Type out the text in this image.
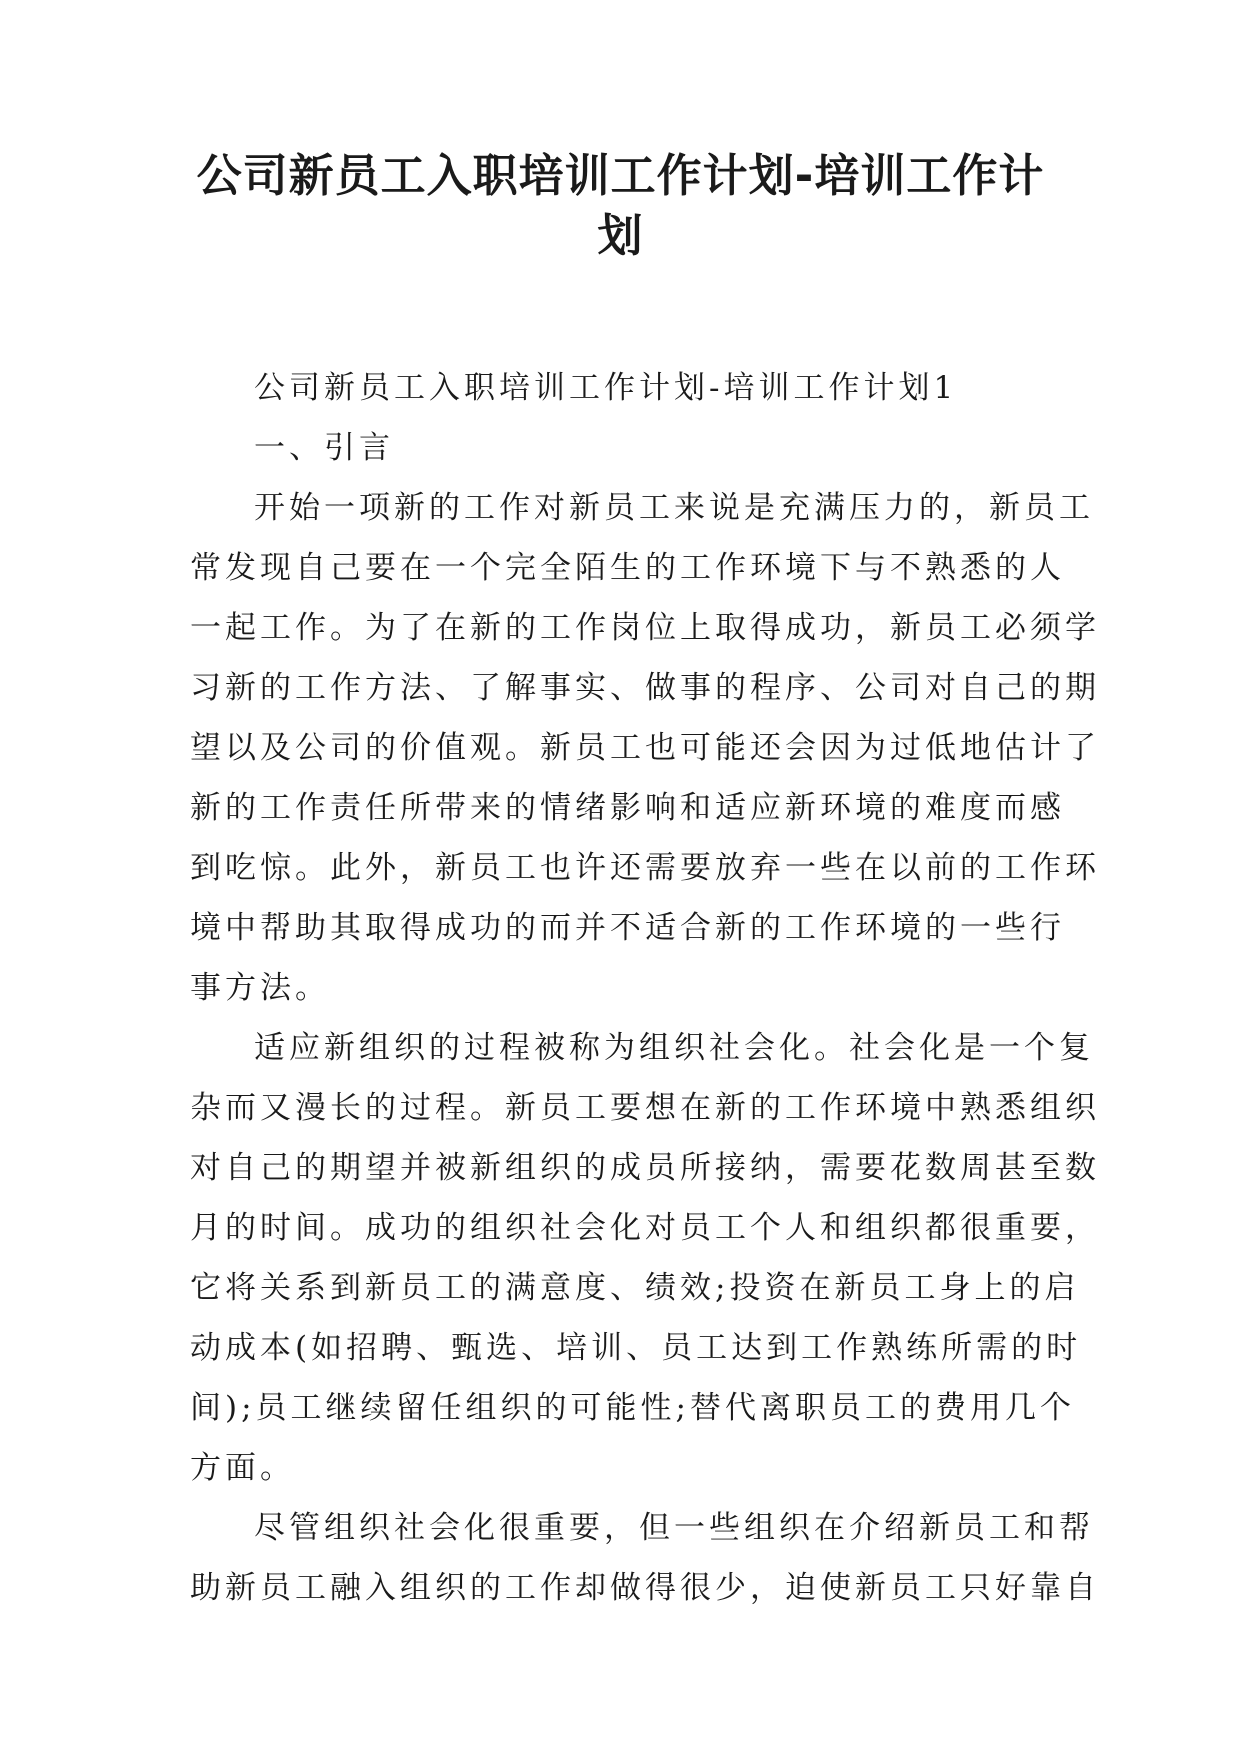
公司新员工入职培训工作计划-培训工作计
划

公司新员工入职培训工作计划-培训工作计划1

一、引言

开始一项新的工作对新员工来说是充满压力的，新员工
常发现自己要在一个完全陌生的工作环境下与不熟悉的人
一起工作。为了在新的工作岗位上取得成功，新员工必须学
习新的工作方法、了解事实、做事的程序、公司对自己的期
望以及公司的价值观。新员工也可能还会因为过低地估计了
新的工作责任所带来的情绪影响和适应新环境的难度而感
到吃惊。此外，新员工也许还需要放弃一些在以前的工作环
境中帮助其取得成功的而并不适合新的工作环境的一些行
事方法。

适应新组织的过程被称为组织社会化。社会化是一个复
杂而又漫长的过程。新员工要想在新的工作环境中熟悉组织
对自己的期望并被新组织的成员所接纳，需要花数周甚至数
月的时间。成功的组织社会化对员工个人和组织都很重要，
它将关系到新员工的满意度、绩效;投资在新员工身上的启
动成本(如招聘、甄选、培训、员工达到工作熟练所需的时
间);员工继续留任组织的可能性;替代离职员工的费用几个
方面。

尽管组织社会化很重要，但一些组织在介绍新员工和帮
助新员工融入组织的工作却做得很少，迫使新员工只好靠自
